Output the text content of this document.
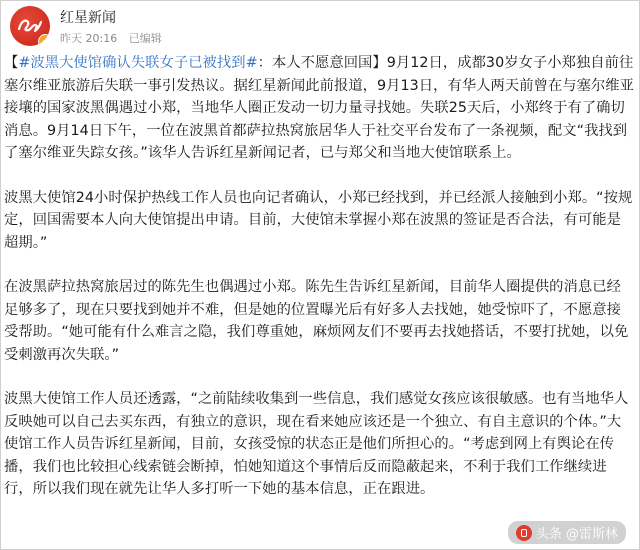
✓
红星新闻
昨天 20:16 已编辑

【#波黑大使馆确认失联女子已被找到#：本人不愿意回国】9月12日，成都30岁女子小郑独自前往塞尔维亚旅游后失联一事引发热议。据红星新闻此前报道，9月13日，有华人两天前曾在与塞尔维亚接壤的国家波黑偶遇过小郑，当地华人圈正发动一切力量寻找她。失联25天后，小郑终于有了确切消息。9月14日下午，一位在波黑首都萨拉热窝旅居华人于社交平台发布了一条视频，配文“我找到了塞尔维亚失踪女孩。”该华人告诉红星新闻记者，已与郑父和当地大使馆联系上。

波黑大使馆24小时保护热线工作人员也向记者确认，小郑已经找到，并已经派人接触到小郑。“按规定，回国需要本人向大使馆提出申请。目前，大使馆未掌握小郑在波黑的签证是否合法，有可能是超期。”

在波黑萨拉热窝旅居过的陈先生也偶遇过小郑。陈先生告诉红星新闻，目前华人圈提供的消息已经足够多了，现在只要找到她并不难，但是她的位置曝光后有好多人去找她，她受惊吓了，不愿意接受帮助。“她可能有什么难言之隐，我们尊重她，麻烦网友们不要再去找她搭话，不要打扰她，以免受刺激再次失联。”

波黑大使馆工作人员还透露，“之前陆续收集到一些信息，我们感觉女孩应该很敏感。也有当地华人反映她可以自己去买东西，有独立的意识，现在看来她应该还是一个独立、有自主意识的个体。”大使馆工作人员告诉红星新闻，目前，女孩受惊的状态正是他们所担心的。“考虑到网上有舆论在传播，我们也比较担心线索链会断掉，怕她知道这个事情后反而隐蔽起来，不利于我们工作继续进行，所以我们现在就先让华人多打听一下她的基本信息，正在跟进。

头条 @雷斯林
